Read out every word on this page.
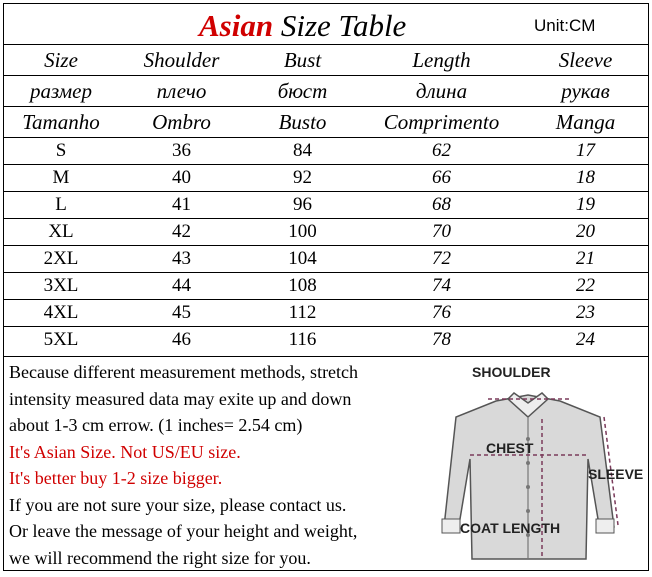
Asian Size Table	Unit:CM
Size	Shoulder	Bust	Length	Sleeve
размер	плечо	бюст	длина	рукав
Tamanho	Ombro	Busto	Comprimento	Manga
S	36	84	62	17
M	40	92	66	18
L	41	96	68	19
XL	42	100	70	20
2XL	43	104	72	21
3XL	44	108	74	22
4XL	45	112	76	23
5XL	46	116	78	24
Because different measurement methods, stretch
intensity measured data may exite up and down
about 1-3 cm errow. (1 inches= 2.54 cm)
It's Asian Size. Not US/EU size.
It's better buy 1-2 size bigger.
If you are not sure your size, please contact us.
Or leave the message of your height and weight,
we will recommend the right size for you.
SHOULDER
CHEST
SLEEVE
COAT LENGTH
